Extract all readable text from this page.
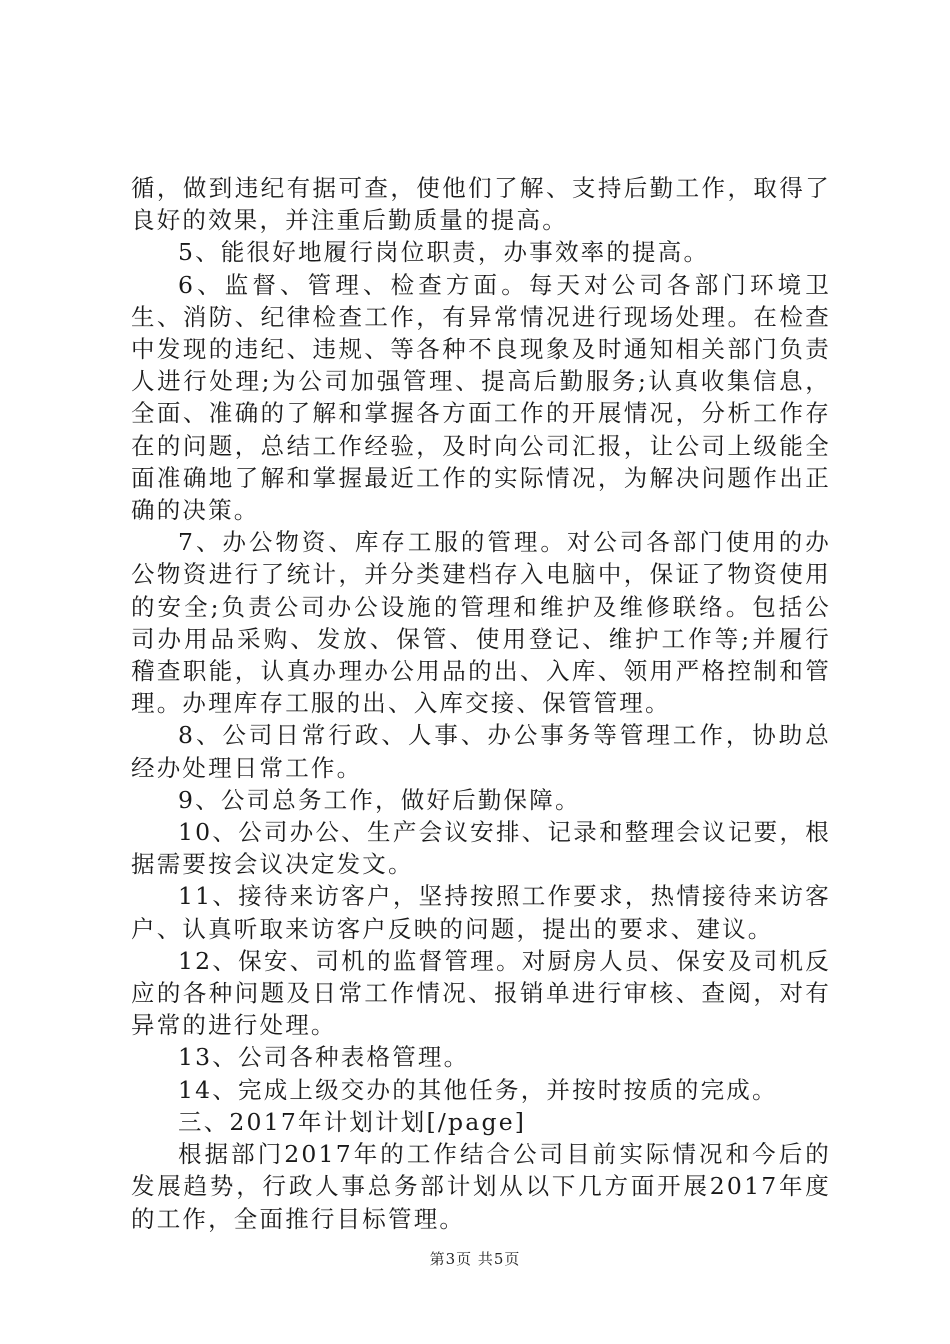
循，做到违纪有据可查，使他们了解、支持后勤工作，取得了良好的效果，并注重后勤质量的提高。

5、能很好地履行岗位职责，办事效率的提高。

6、监督、管理、检查方面。每天对公司各部门环境卫生、消防、纪律检查工作，有异常情况进行现场处理。在检查中发现的违纪、违规、等各种不良现象及时通知相关部门负责人进行处理;为公司加强管理、提高后勤服务;认真收集信息，全面、准确的了解和掌握各方面工作的开展情况，分析工作存在的问题，总结工作经验，及时向公司汇报，让公司上级能全面准确地了解和掌握最近工作的实际情况，为解决问题作出正确的决策。

7、办公物资、库存工服的管理。对公司各部门使用的办公物资进行了统计，并分类建档存入电脑中，保证了物资使用的安全;负责公司办公设施的管理和维护及维修联络。包括公司办用品采购、发放、保管、使用登记、维护工作等;并履行稽查职能，认真办理办公用品的出、入库、领用严格控制和管理。办理库存工服的出、入库交接、保管管理。

8、公司日常行政、人事、办公事务等管理工作，协助总经办处理日常工作。

9、公司总务工作，做好后勤保障。

10、公司办公、生产会议安排、记录和整理会议记要，根据需要按会议决定发文。

11、接待来访客户，坚持按照工作要求，热情接待来访客户、认真听取来访客户反映的问题，提出的要求、建议。

12、保安、司机的监督管理。对厨房人员、保安及司机反应的各种问题及日常工作情况、报销单进行审核、查阅，对有异常的进行处理。

13、公司各种表格管理。

14、完成上级交办的其他任务，并按时按质的完成。

三、2017年计划计划[/page]

根据部门2017年的工作结合公司目前实际情况和今后的发展趋势，行政人事总务部计划从以下几方面开展2017年度的工作，全面推行目标管理。

第3页 共5页
